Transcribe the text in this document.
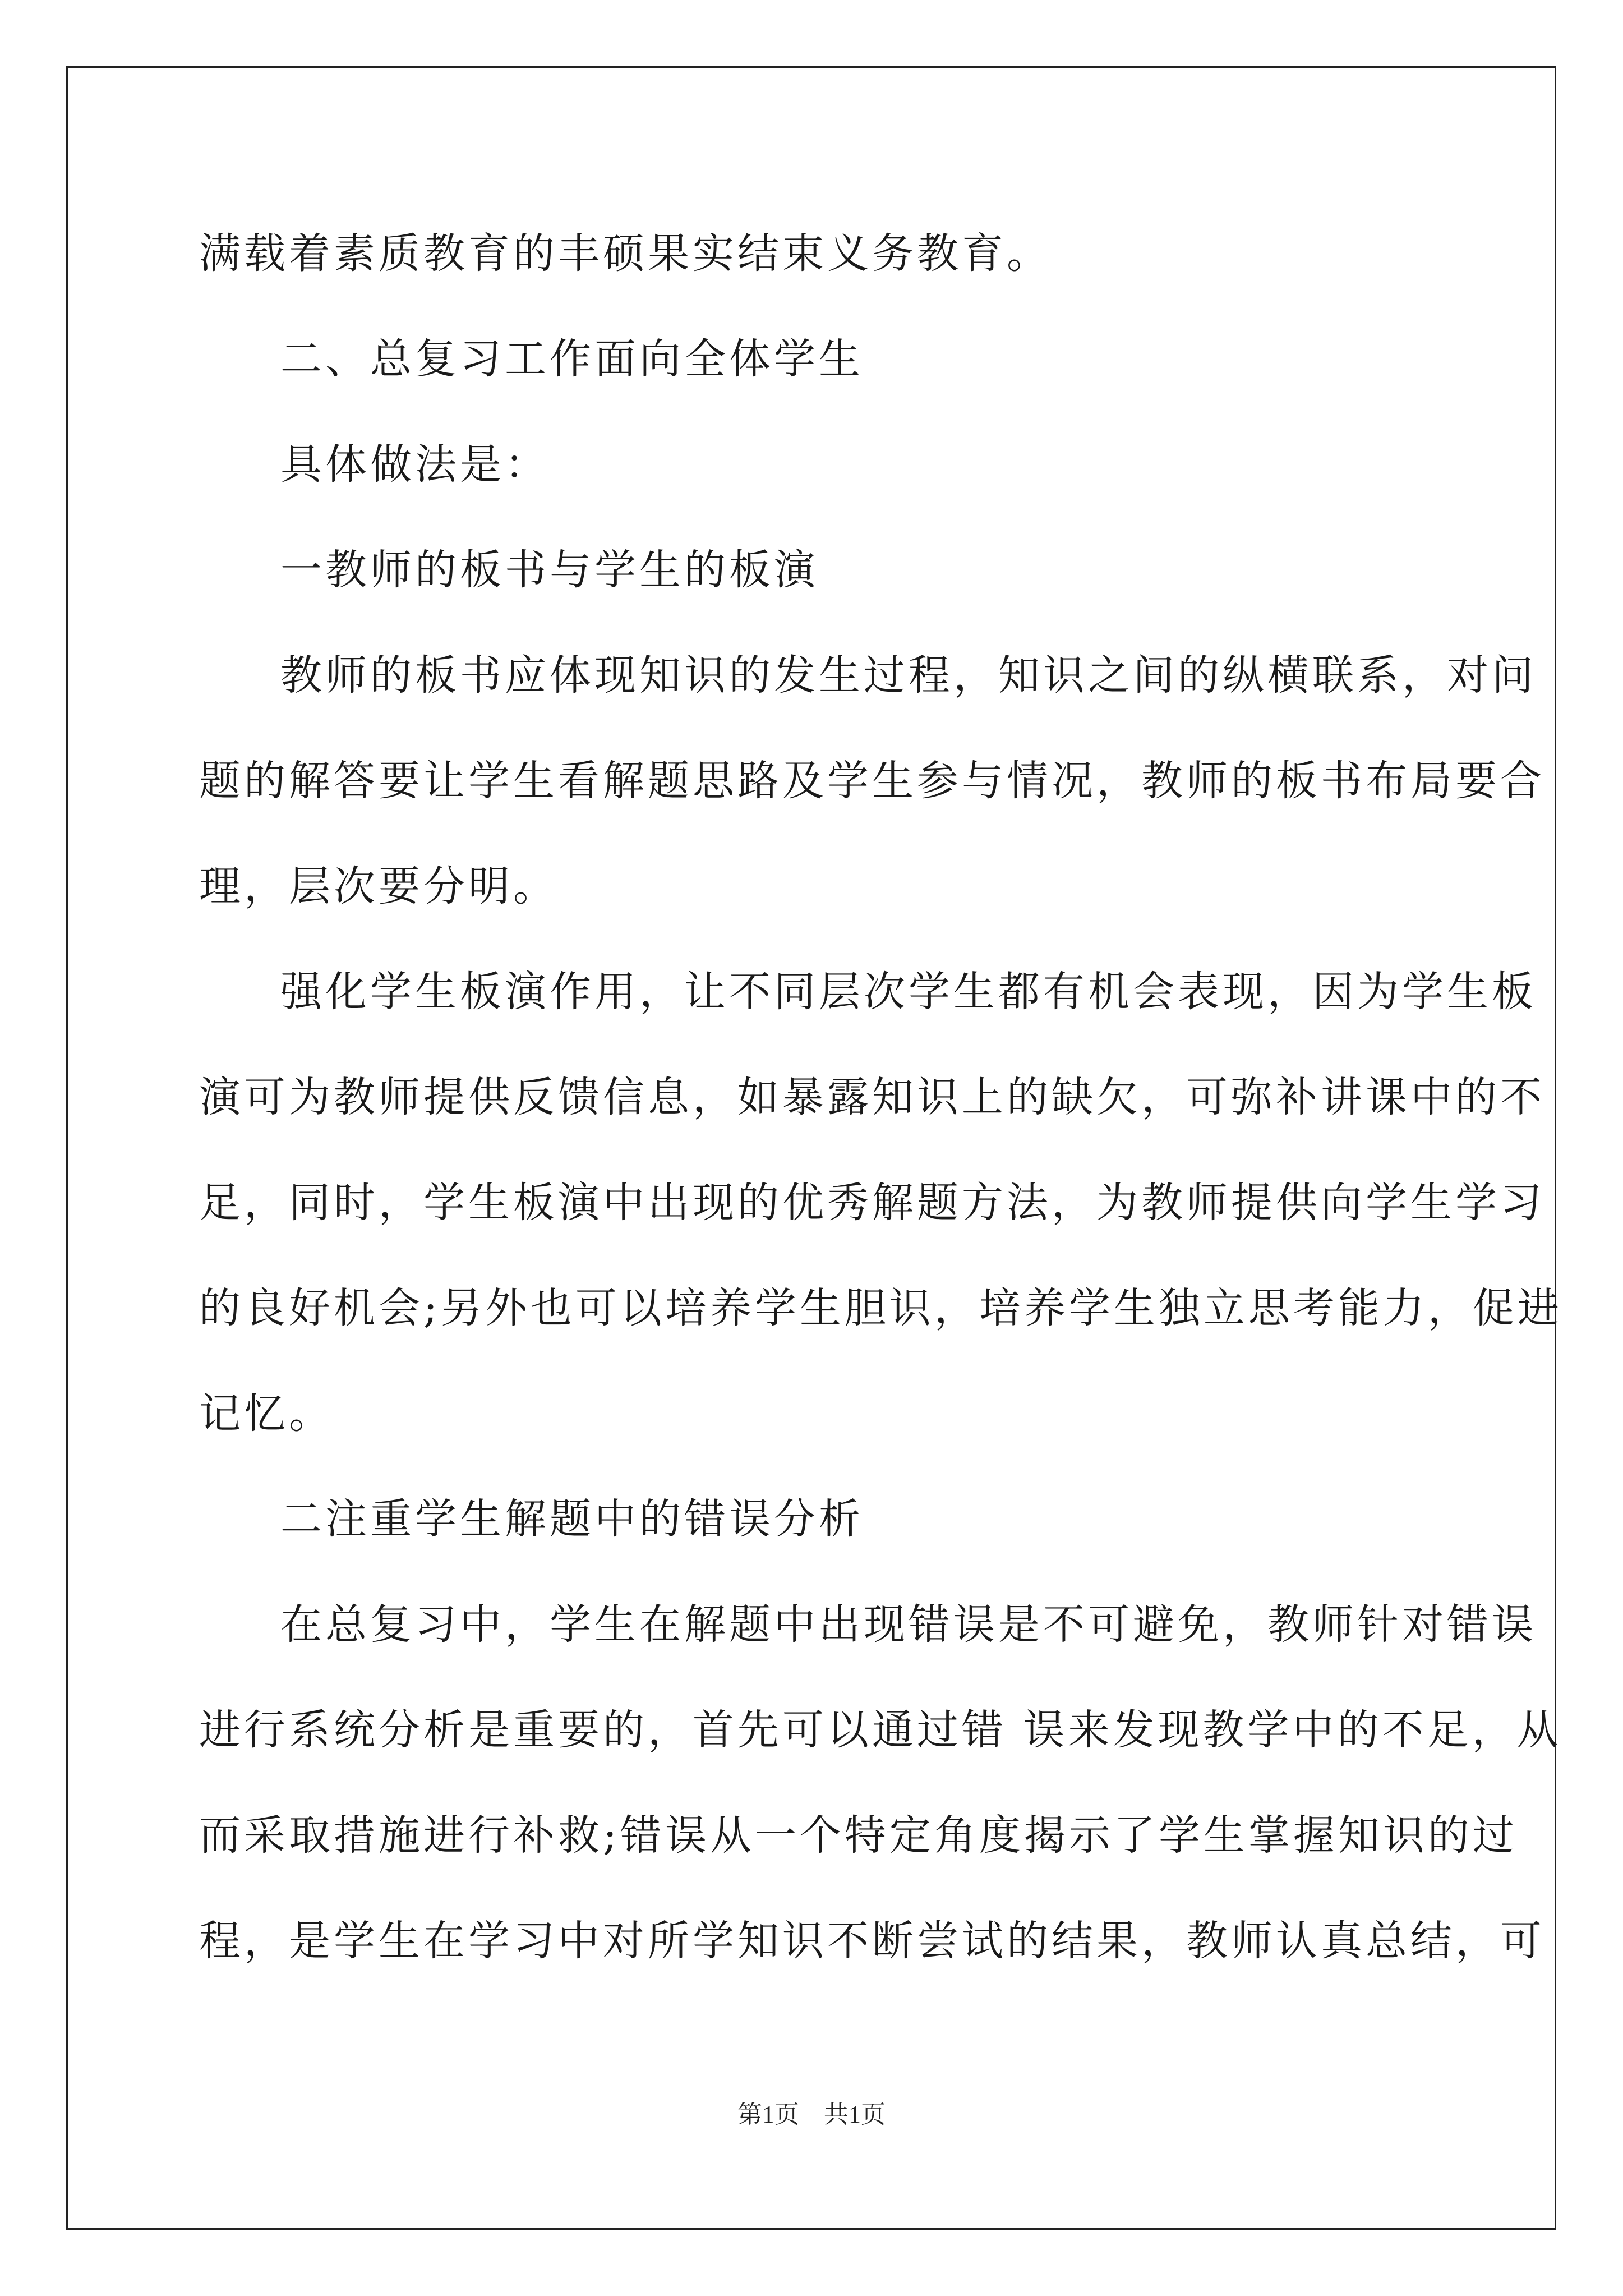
满载着素质教育的丰硕果实结束义务教育。
二、总复习工作面向全体学生
具体做法是：
一教师的板书与学生的板演
教师的板书应体现知识的发生过程，知识之间的纵横联系，对问
题的解答要让学生看解题思路及学生参与情况，教师的板书布局要合
理，层次要分明。
强化学生板演作用，让不同层次学生都有机会表现，因为学生板
演可为教师提供反馈信息，如暴露知识上的缺欠，可弥补讲课中的不
足，同时，学生板演中出现的优秀解题方法，为教师提供向学生学习
的良好机会;另外也可以培养学生胆识，培养学生独立思考能力，促进
记忆。
二注重学生解题中的错误分析
在总复习中，学生在解题中出现错误是不可避免，教师针对错误
进行系统分析是重要的，首先可以通过错 误来发现教学中的不足，从
而采取措施进行补救;错误从一个特定角度揭示了学生掌握知识的过
程，是学生在学习中对所学知识不断尝试的结果，教师认真总结，可
第1页　共1页
